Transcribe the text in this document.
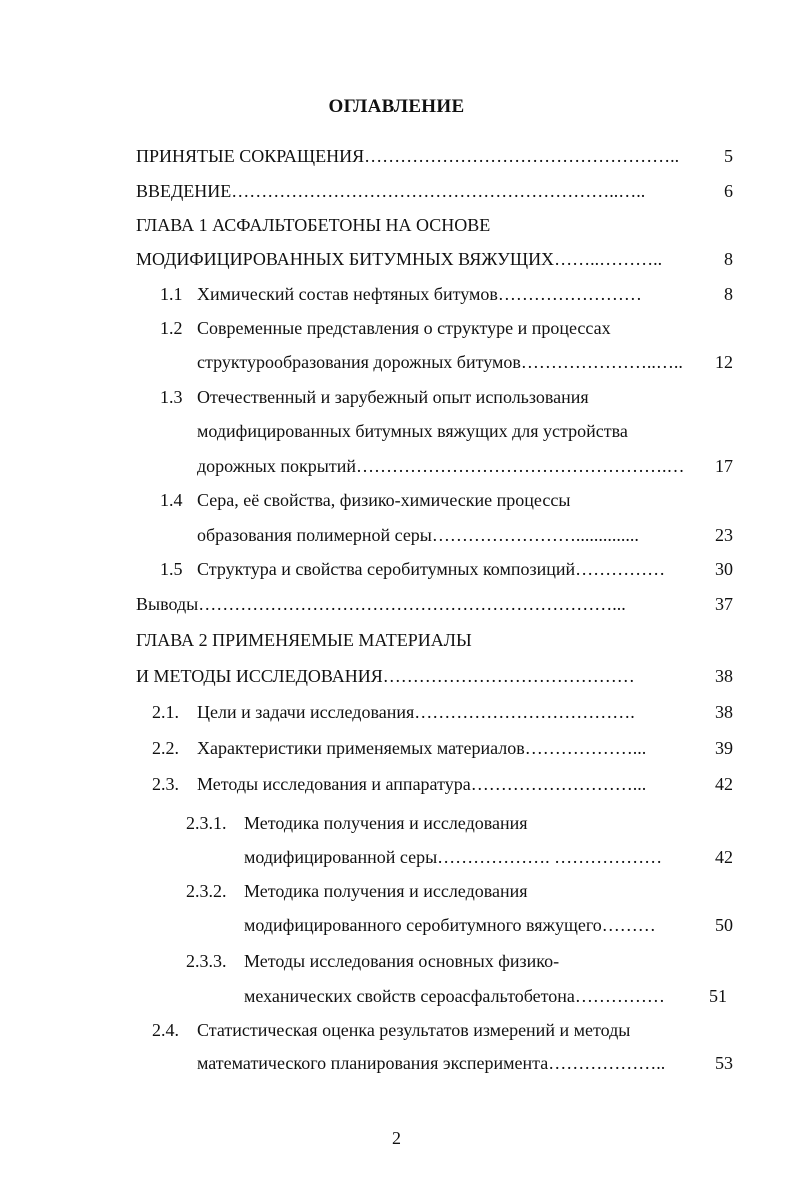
ОГЛАВЛЕНИЕ
ПРИНЯТЫЕ СОКРАЩЕНИЯ……………………………………………..	5
ВВЕДЕНИЕ………………………………………………………..…..	6
ГЛАВА 1 АСФАЛЬТОБЕТОНЫ НА ОСНОВЕ
МОДИФИЦИРОВАННЫХ БИТУМНЫХ ВЯЖУЩИХ……..………..	8
1.1 Химический состав нефтяных битумов……………………	8
1.2 Современные представления о структуре и процессах
структурообразования дорожных битумов…………………..…..	12
1.3 Отечественный и зарубежный опыт использования
модифицированных битумных вяжущих для устройства
дорожных покрытий…………………………………………….…	17
1.4 Сера, её свойства, физико-химические процессы
образования полимерной серы……………………..............	23
1.5 Структура и свойства серобитумных композиций……………	30
Выводы……………………………………………………………...	37
ГЛАВА 2 ПРИМЕНЯЕМЫЕ МАТЕРИАЛЫ
И МЕТОДЫ ИССЛЕДОВАНИЯ……………………………………	38
2.1. Цели и задачи исследования……………………………….	38
2.2. Характеристики применяемых материалов………………...	39
2.3. Методы исследования и аппаратура………………………...	42
2.3.1. Методика получения и исследования
модифицированной серы………………. ………………	42
2.3.2. Методика получения и исследования
модифицированного серобитумного вяжущего………	50
2.3.3. Методы исследования основных физико-
механических свойств сероасфальтобетона……………	51
2.4. Статистическая оценка результатов измерений и методы
математического планирования эксперимента………………..	53
2
